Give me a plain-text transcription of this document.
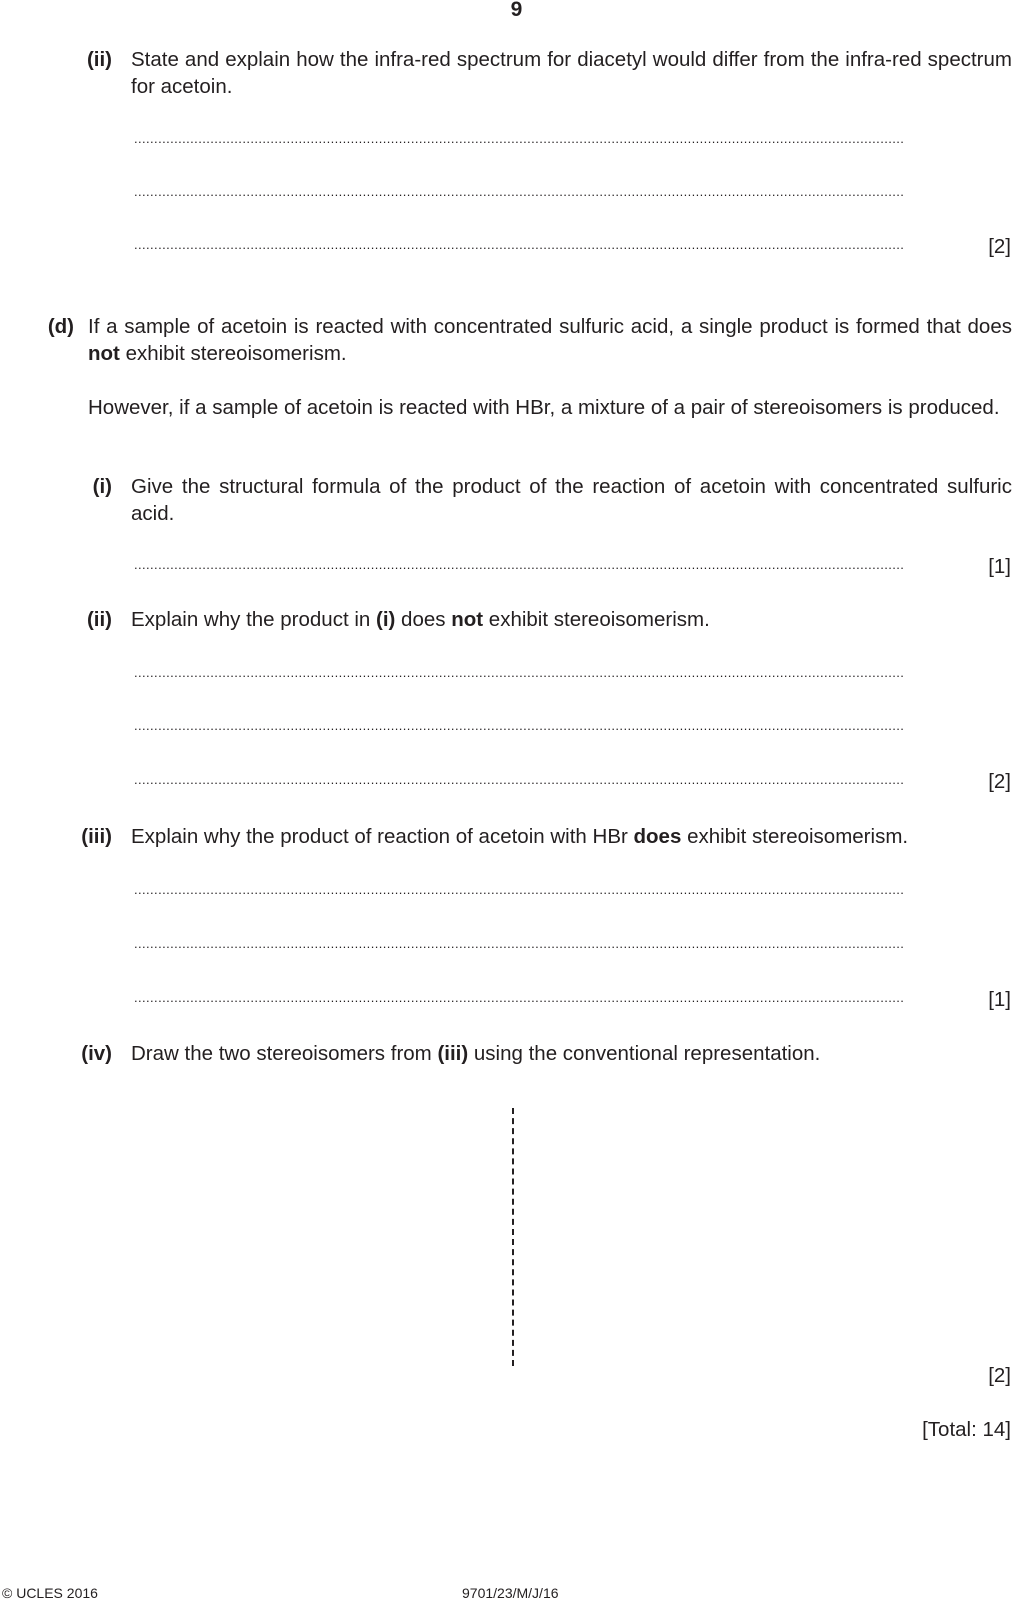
9
(ii) State and explain how the infra-red spectrum for diacetyl would differ from the infra-red spectrum for acetoin.
................................................................................................................................................................................................
................................................................................................................................................................................................
................................................................................................................................................................................................	[2]
(d) If a sample of acetoin is reacted with concentrated sulfuric acid, a single product is formed that does not exhibit stereoisomerism.
However, if a sample of acetoin is reacted with HBr, a mixture of a pair of stereoisomers is produced.
(i) Give the structural formula of the product of the reaction of acetoin with concentrated sulfuric acid.
................................................................................................................................................................................................	[1]
(ii) Explain why the product in (i) does not exhibit stereoisomerism.
................................................................................................................................................................................................
................................................................................................................................................................................................
................................................................................................................................................................................................	[2]
(iii) Explain why the product of reaction of acetoin with HBr does exhibit stereoisomerism.
................................................................................................................................................................................................
................................................................................................................................................................................................
................................................................................................................................................................................................	[1]
(iv) Draw the two stereoisomers from (iii) using the conventional representation.
[2]
[Total: 14]
© UCLES 2016	9701/23/M/J/16
